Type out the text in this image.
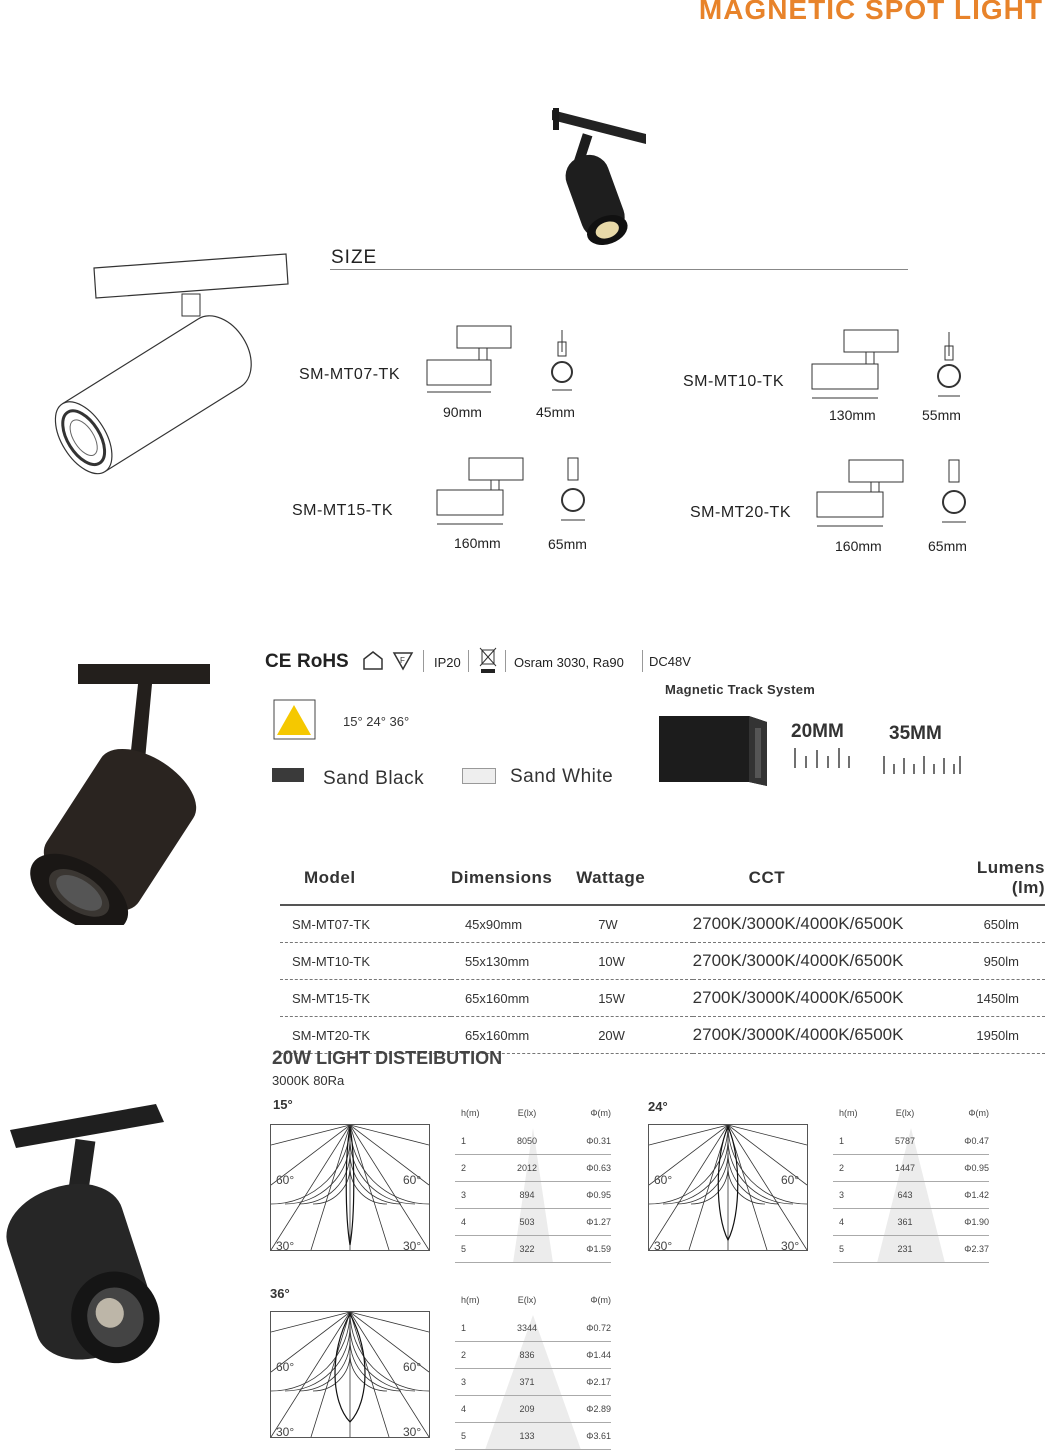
MAGNETIC SPOT LIGHT
SIZE
SM-MT07-TK
90mm	45mm
SM-MT10-TK
130mm	55mm
SM-MT15-TK
160mm	65mm
SM-MT20-TK
160mm	65mm
CE RoHS	F IP20	Osram 3030, Ra90 DC48V
15° 24° 36°
Sand Black	Sand White
Magnetic Track System
20MM 35MM
Model	Dimensions	Wattage	CCT	Lumens (lm)
SM-MT07-TK	45x90mm	7W	2700K/3000K/4000K/6500K	650lm
SM-MT10-TK	55x130mm	10W	2700K/3000K/4000K/6500K	950lm
SM-MT15-TK	65x160mm	15W	2700K/3000K/4000K/6500K	1450lm
SM-MT20-TK	65x160mm	20W	2700K/3000K/4000K/6500K	1950lm
20W LIGHT DISTEIBUTION
3000K 80Ra
15°
60°	60°
30°	30°
h(m)	E(lx)	Φ(m)
1	8050	Φ0.31
2	2012	Φ0.63
3	894	Φ0.95
4	503	Φ1.27
5	322	Φ1.59
24°
60°	60°
30°	30°
h(m)	E(lx)	Φ(m)
1	5787	Φ0.47
2	1447	Φ0.95
3	643	Φ1.42
4	361	Φ1.90
5	231	Φ2.37
36°
60°	60°
30°	30°
h(m)	E(lx)	Φ(m)
1	3344	Φ0.72
2	836	Φ1.44
3	371	Φ2.17
4	209	Φ2.89
5	133	Φ3.61
